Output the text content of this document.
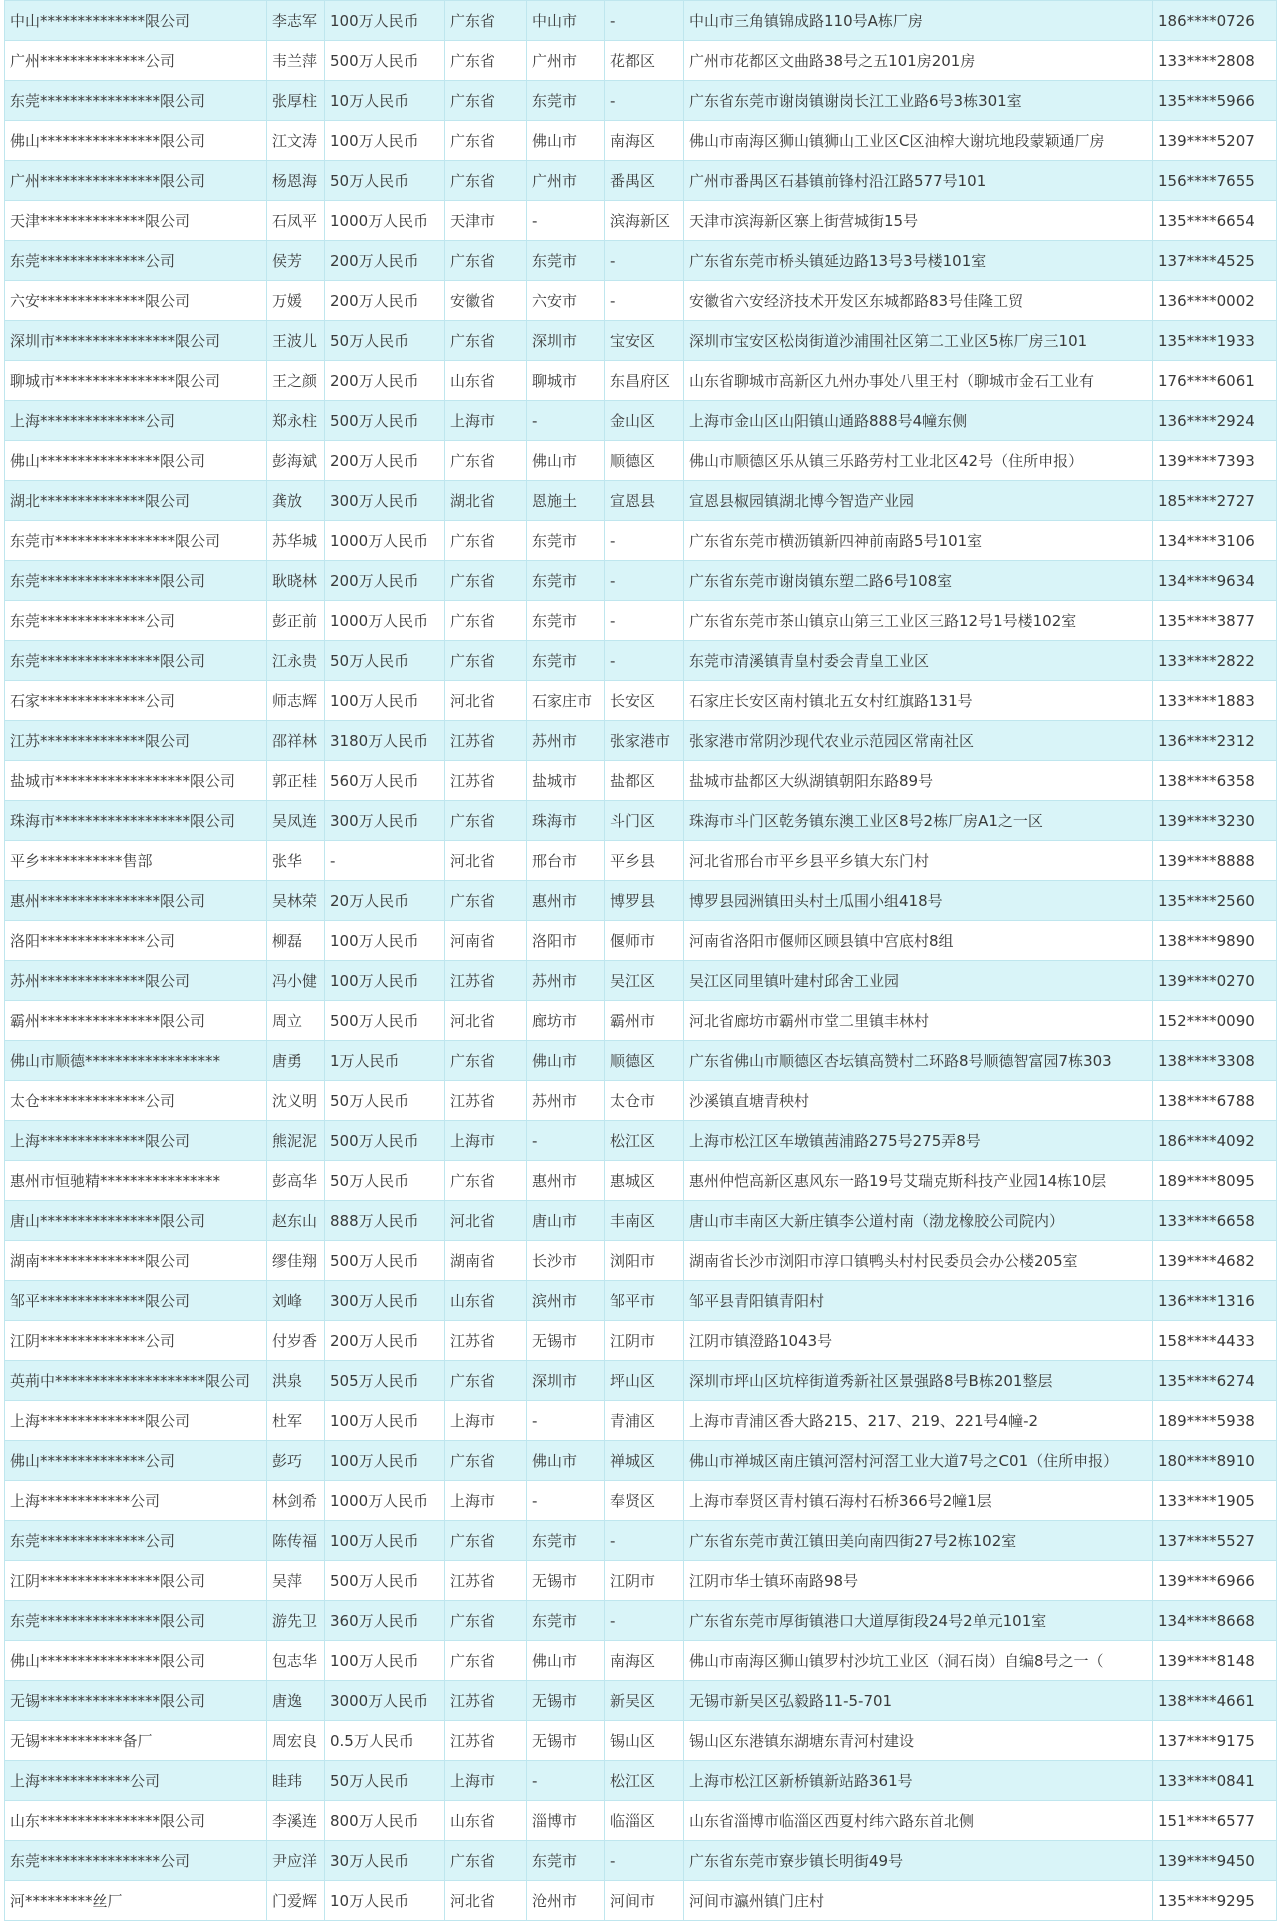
中山**************限公司	李志军	100万人民币	广东省	中山市	-	中山市三角镇锦成路110号A栋厂房	186****0726
广州**************公司	韦兰萍	500万人民币	广东省	广州市	花都区	广州市花都区文曲路38号之五101房201房	133****2808
东莞****************限公司	张厚柱	10万人民币	广东省	东莞市	-	广东省东莞市谢岗镇谢岗长江工业路6号3栋301室	135****5966
佛山****************限公司	江文涛	100万人民币	广东省	佛山市	南海区	佛山市南海区狮山镇狮山工业区C区油榨大谢坑地段蒙颖通厂房	139****5207
广州****************限公司	杨恩海	50万人民币	广东省	广州市	番禺区	广州市番禺区石碁镇前锋村沿江路577号101	156****7655
天津**************限公司	石凤平	1000万人民币	天津市	-	滨海新区	天津市滨海新区寨上街营城街15号	135****6654
东莞**************公司	侯芳	200万人民币	广东省	东莞市	-	广东省东莞市桥头镇延边路13号3号楼101室	137****4525
六安**************限公司	万媛	200万人民币	安徽省	六安市	-	安徽省六安经济技术开发区东城都路83号佳隆工贸	136****0002
深圳市****************限公司	王波儿	50万人民币	广东省	深圳市	宝安区	深圳市宝安区松岗街道沙浦围社区第二工业区5栋厂房三101	135****1933
聊城市****************限公司	王之颜	200万人民币	山东省	聊城市	东昌府区	山东省聊城市高新区九州办事处八里王村（聊城市金石工业有	176****6061
上海**************公司	郑永柱	500万人民币	上海市	-	金山区	上海市金山区山阳镇山通路888号4幢东侧	136****2924
佛山****************限公司	彭海斌	200万人民币	广东省	佛山市	顺德区	佛山市顺德区乐从镇三乐路劳村工业北区42号（住所申报）	139****7393
湖北**************限公司	龚放	300万人民币	湖北省	恩施土	宣恩县	宣恩县椒园镇湖北博今智造产业园	185****2727
东莞市****************限公司	苏华城	1000万人民币	广东省	东莞市	-	广东省东莞市横沥镇新四神前南路5号101室	134****3106
东莞****************限公司	耿晓林	200万人民币	广东省	东莞市	-	广东省东莞市谢岗镇东塑二路6号108室	134****9634
东莞**************公司	彭正前	1000万人民币	广东省	东莞市	-	广东省东莞市茶山镇京山第三工业区三路12号1号楼102室	135****3877
东莞****************限公司	江永贵	50万人民币	广东省	东莞市	-	东莞市清溪镇青皇村委会青皇工业区	133****2822
石家**************公司	师志辉	100万人民币	河北省	石家庄市	长安区	石家庄长安区南村镇北五女村红旗路131号	133****1883
江苏**************限公司	邵祥林	3180万人民币	江苏省	苏州市	张家港市	张家港市常阴沙现代农业示范园区常南社区	136****2312
盐城市******************限公司	郭正桂	560万人民币	江苏省	盐城市	盐都区	盐城市盐都区大纵湖镇朝阳东路89号	138****6358
珠海市******************限公司	吴凤连	300万人民币	广东省	珠海市	斗门区	珠海市斗门区乾务镇东澳工业区8号2栋厂房A1之一区	139****3230
平乡***********售部	张华	-	河北省	邢台市	平乡县	河北省邢台市平乡县平乡镇大东门村	139****8888
惠州****************限公司	吴林荣	20万人民币	广东省	惠州市	博罗县	博罗县园洲镇田头村土瓜围小组418号	135****2560
洛阳**************公司	柳磊	100万人民币	河南省	洛阳市	偃师市	河南省洛阳市偃师区顾县镇中宫底村8组	138****9890
苏州**************限公司	冯小健	100万人民币	江苏省	苏州市	吴江区	吴江区同里镇叶建村邱舍工业园	139****0270
霸州****************限公司	周立	500万人民币	河北省	廊坊市	霸州市	河北省廊坊市霸州市堂二里镇丰林村	152****0090
佛山市顺德******************	唐勇	1万人民币	广东省	佛山市	顺德区	广东省佛山市顺德区杏坛镇高赞村二环路8号顺德智富园7栋303	138****3308
太仓**************公司	沈义明	50万人民币	江苏省	苏州市	太仓市	沙溪镇直塘青秧村	138****6788
上海**************限公司	熊泥泥	500万人民币	上海市	-	松江区	上海市松江区车墩镇茜浦路275号275弄8号	186****4092
惠州市恒驰精****************	彭高华	50万人民币	广东省	惠州市	惠城区	惠州仲恺高新区惠风东一路19号艾瑞克斯科技产业园14栋10层	189****8095
唐山****************限公司	赵东山	888万人民币	河北省	唐山市	丰南区	唐山市丰南区大新庄镇李公道村南（渤龙橡胶公司院内）	133****6658
湖南**************限公司	缪佳翔	500万人民币	湖南省	长沙市	浏阳市	湖南省长沙市浏阳市淳口镇鸭头村村民委员会办公楼205室	139****4682
邹平**************限公司	刘峰	300万人民币	山东省	滨州市	邹平市	邹平县青阳镇青阳村	136****1316
江阴**************公司	付岁香	200万人民币	江苏省	无锡市	江阴市	江阴市镇澄路1043号	158****4433
英荊中********************限公司	洪泉	505万人民币	广东省	深圳市	坪山区	深圳市坪山区坑梓街道秀新社区景强路8号B栋201整层	135****6274
上海**************限公司	杜军	100万人民币	上海市	-	青浦区	上海市青浦区香大路215、217、219、221号4幢-2	189****5938
佛山**************公司	彭巧	100万人民币	广东省	佛山市	禅城区	佛山市禅城区南庄镇河滘村河滘工业大道7号之C01（住所申报）	180****8910
上海************公司	林剑希	1000万人民币	上海市	-	奉贤区	上海市奉贤区青村镇石海村石桥366号2幢1层	133****1905
东莞**************公司	陈传福	100万人民币	广东省	东莞市	-	广东省东莞市黄江镇田美向南四街27号2栋102室	137****5527
江阴****************限公司	吴萍	500万人民币	江苏省	无锡市	江阴市	江阴市华士镇环南路98号	139****6966
东莞****************限公司	游先卫	360万人民币	广东省	东莞市	-	广东省东莞市厚街镇港口大道厚街段24号2单元101室	134****8668
佛山****************限公司	包志华	100万人民币	广东省	佛山市	南海区	佛山市南海区狮山镇罗村沙坑工业区（洞石岗）自编8号之一（	139****8148
无锡****************限公司	唐逸	3000万人民币	江苏省	无锡市	新吴区	无锡市新吴区弘毅路11-5-701	138****4661
无锡***********备厂	周宏良	0.5万人民币	江苏省	无锡市	锡山区	锡山区东港镇东湖塘东青河村建设	137****9175
上海************公司	眭玮	50万人民币	上海市	-	松江区	上海市松江区新桥镇新站路361号	133****0841
山东****************限公司	李溪连	800万人民币	山东省	淄博市	临淄区	山东省淄博市临淄区西夏村纬六路东首北侧	151****6577
东莞****************公司	尹应洋	30万人民币	广东省	东莞市	-	广东省东莞市寮步镇长明街49号	139****9450
河*********丝厂	门爱辉	10万人民币	河北省	沧州市	河间市	河间市瀛州镇门庄村	135****9295
